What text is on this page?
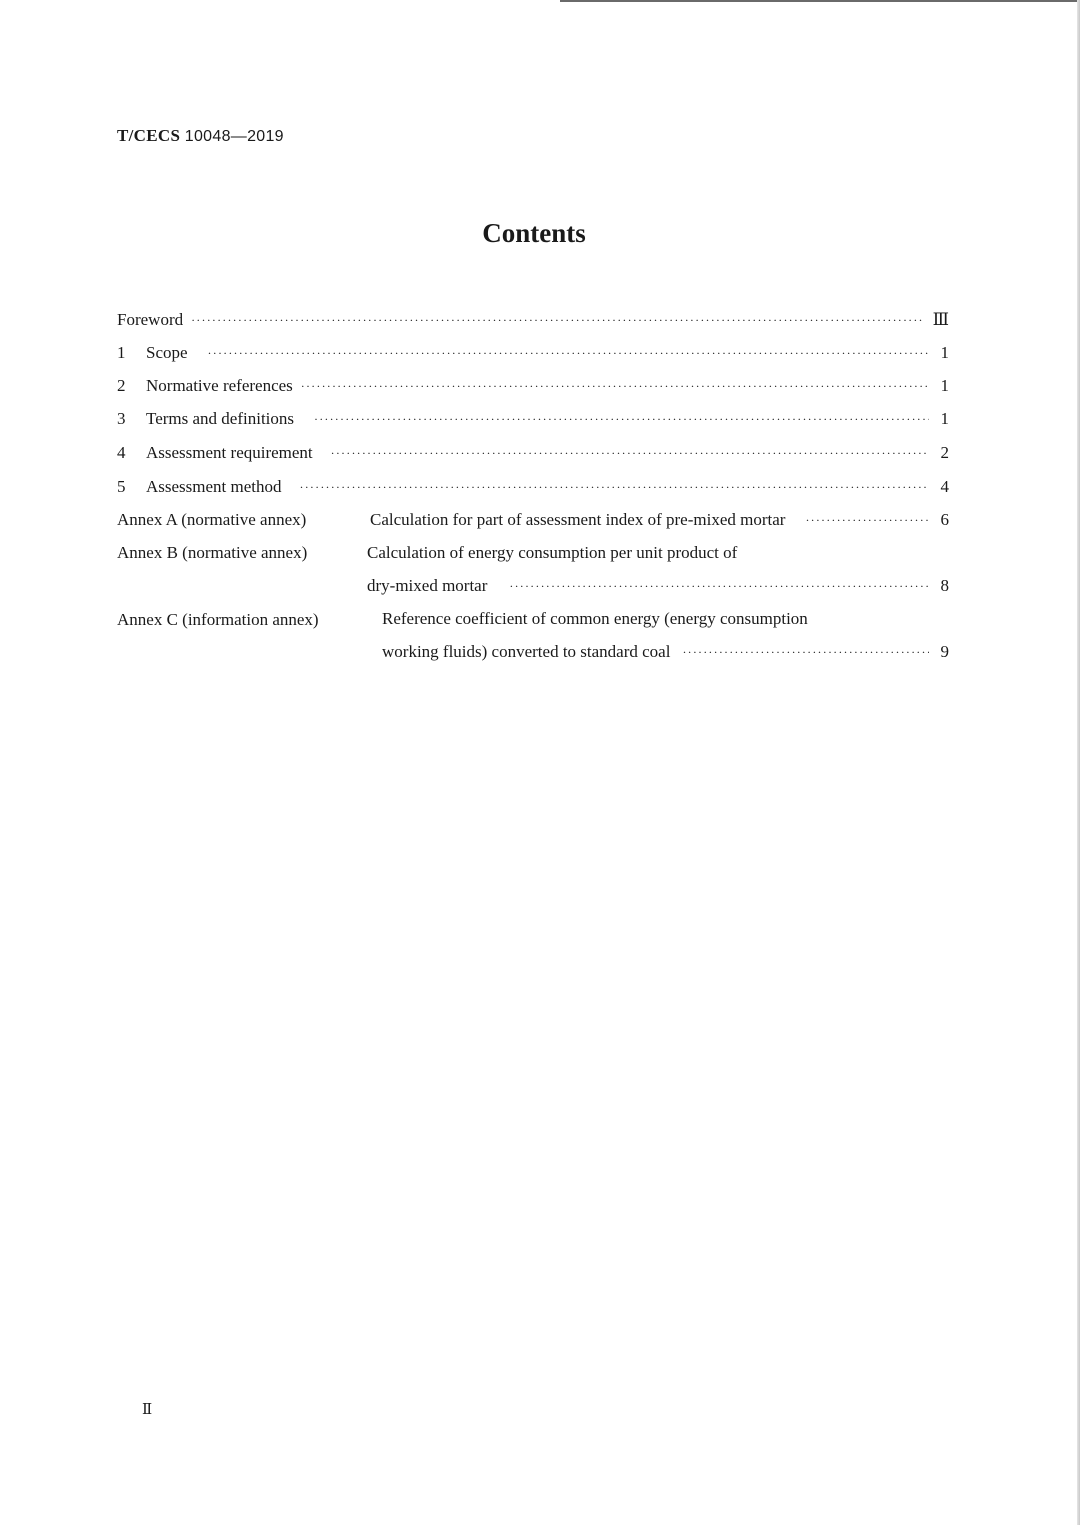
T/CECS 10048—2019
Contents
Foreword ·····	Ⅲ
1	Scope ·····	1
2	Normative references ·····	1
3	Terms and definitions ·····	1
4	Assessment requirement ·····	2
5	Assessment method ·····	4
Annex A (normative annex)	Calculation for part of assessment index of pre-mixed mortar ·····	6
Annex B (normative annex)	Calculation of energy consumption per unit product of
dry-mixed mortar ·····	8
Annex C (information annex)	Reference coefficient of common energy (energy consumption
working fluids) converted to standard coal ·····	9
Ⅱ
